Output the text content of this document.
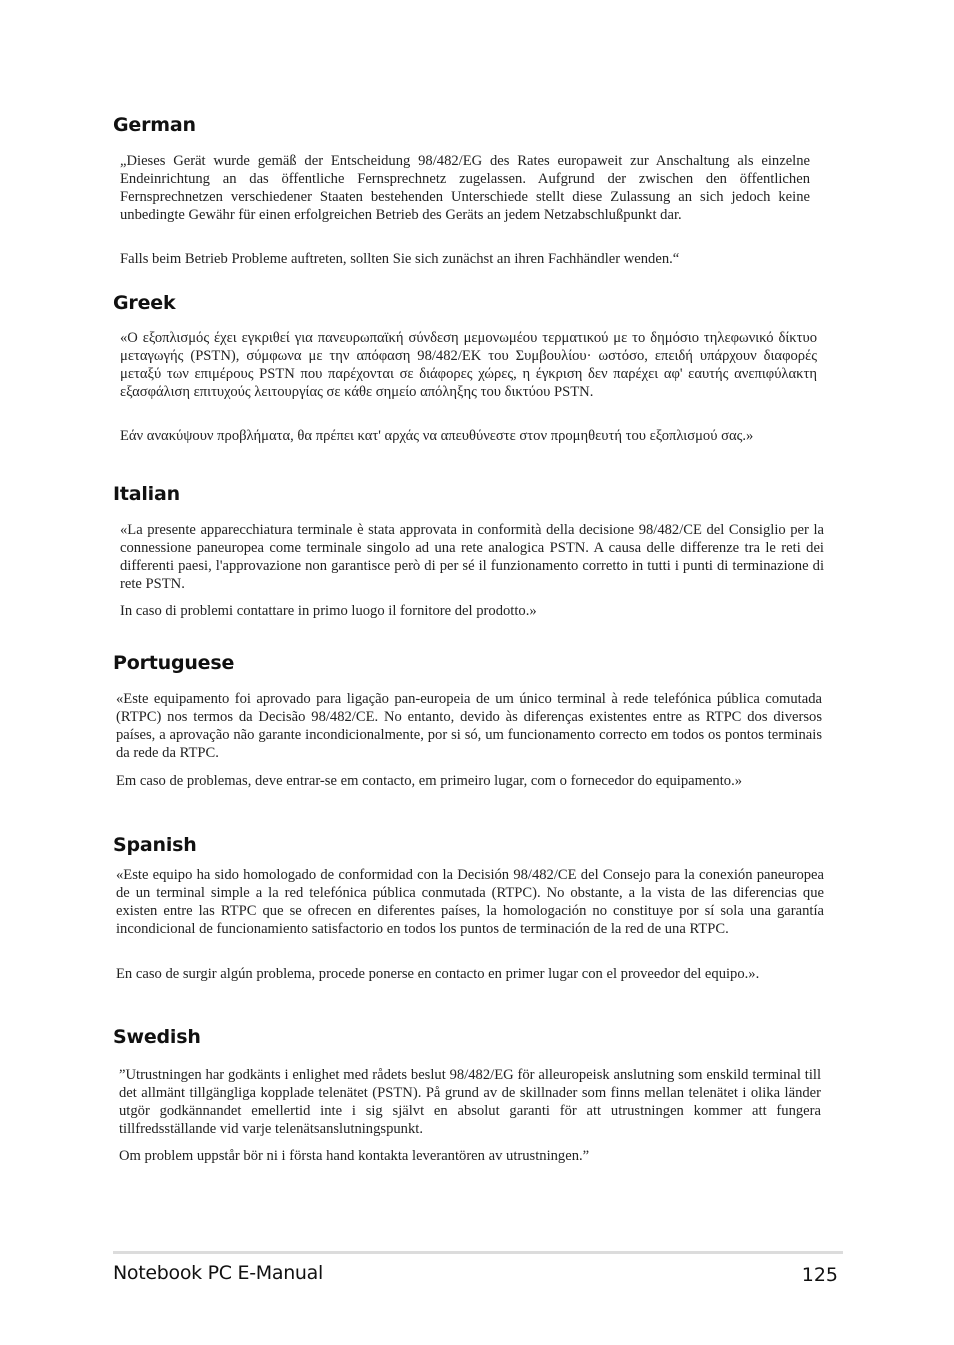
German

„Dieses Gerät wurde gemäß der Entscheidung 98/482/EG des Rates europaweit zur Anschaltung als einzelne Endeinrichtung an das öffentliche Fernsprechnetz zugelassen. Aufgrund der zwischen den öffentlichen Fernsprechnetzen verschiedener Staaten bestehenden Unterschiede stellt diese Zulassung an sich jedoch keine unbedingte Gewähr für einen erfolgreichen Betrieb des Geräts an jedem Netzabschlußpunkt dar.

Falls beim Betrieb Probleme auftreten, sollten Sie sich zunächst an ihren Fachhändler wenden.“

Greek

«Ο εξοπλισμός έχει εγκριθεί για πανευρωπαϊκή σύνδεση μεμονωμέου τερματικού με το δημόσιο τηλεφωνικό δίκτυο μεταγωγής (PSTN), σύμφωνα με την απόφαση 98/482/ΕΚ του Συμβουλίου· ωστόσο, επειδή υπάρχουν διαφορές μεταξύ των επιμέρους PSTN που παρέχονται σε διάφορες χώρες, η έγκριση δεν παρέχει αφ' εαυτής ανεπιφύλακτη εξασφάλιση επιτυχούς λειτουργίας σε κάθε σημείο απόληξης του δικτύου PSTN.

Εάν ανακύψουν προβλήματα, θα πρέπει κατ' αρχάς να απευθύνεστε στον προμηθευτή του εξοπλισμού σας.»

Italian

«La presente apparecchiatura terminale è stata approvata in conformità della decisione 98/482/CE del Consiglio per la connessione paneuropea come terminale singolo ad una rete analogica PSTN. A causa delle differenze tra le reti dei differenti paesi, l'approvazione non garantisce però di per sé il funzionamento corretto in tutti i punti di terminazione di rete PSTN.

In caso di problemi contattare in primo luogo il fornitore del prodotto.»

Portuguese

«Este equipamento foi aprovado para ligação pan-europeia de um único terminal à rede telefónica pública comutada (RTPC) nos termos da Decisão 98/482/CE. No entanto, devido às diferenças existentes entre as RTPC dos diversos países, a aprovação não garante incondicionalmente, por si só, um funcionamento correcto em todos os pontos terminais da rede da RTPC.

Em caso de problemas, deve entrar-se em contacto, em primeiro lugar, com o fornecedor do equipamento.»

Spanish

«Este equipo ha sido homologado de conformidad con la Decisión 98/482/CE del Consejo para la conexión paneuropea de un terminal simple a la red telefónica pública conmutada (RTPC). No obstante, a la vista de las diferencias que existen entre las RTPC que se ofrecen en diferentes países, la homologación no constituye por sí sola una garantía incondicional de funcionamiento satisfactorio en todos los puntos de terminación de la red de una RTPC.

En caso de surgir algún problema, procede ponerse en contacto en primer lugar con el proveedor del equipo.».

Swedish

”Utrustningen har godkänts i enlighet med rådets beslut 98/482/EG för alleuropeisk anslutning som enskild terminal till det allmänt tillgängliga kopplade telenätet (PSTN). På grund av de skillnader som finns mellan telenätet i olika länder utgör godkännandet emellertid inte i sig självt en absolut garanti för att utrustningen kommer att fungera tillfredsställande vid varje telenätsanslutningspunkt.

Om problem uppstår bör ni i första hand kontakta leverantören av utrustningen.”

Notebook PC E-Manual	125
